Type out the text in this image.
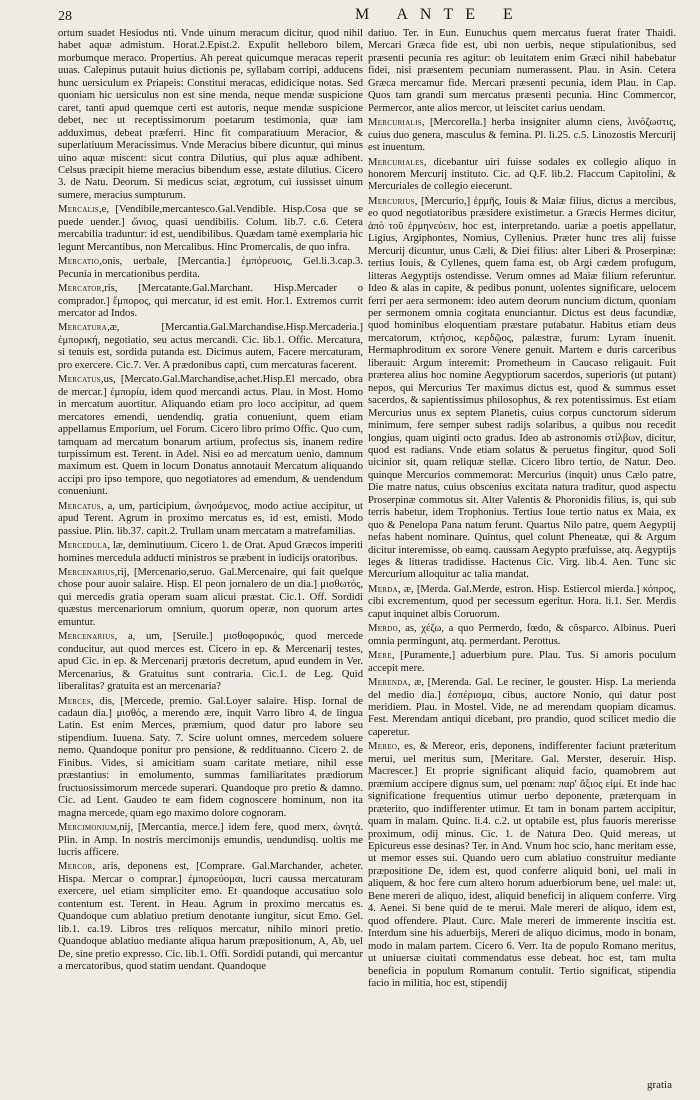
28	M ANTE E

ortum suadet Hesiodus nti. Vnde uinum meracum dicitur, quod nihil habet aquæ admistum. Horat.2.Epist.2. Expulit helleboro bilem, morbumque meraco. Propertius. Ah pereat quicumque meracas reperit uuas. Calepinus putauit huius dictionis pe, syllabam corripi, adducens hunc uersiculum ex Priapeis: Constitui meracas, edidicique notas. Sed quoniam hic uersiculus non est sine menda, neque mendæ suspicione caret, tanti apud quemque certi est autoris, neque mendæ suspicione debet, nec ut receptissimorum poetarum testimonia, quæ iam adduximus, debeat præferri. Hinc fit comparatiuum Meracior, & superlatiuum Meracissimus. Vnde Meracius bibere dicuntur, qui minus uino aquæ miscent: sicut contra Dilutius, qui plus aquæ adhibent. Celsus præcipit hieme meracius bibendum esse, æstate dilutius. Cicero 3. de Natu. Deorum. Si medicus sciat, ægrotum, cui iussisset uinum sumere, meracius sumpturum.

Mercalis,e, [Vendibile,mercantesco.Gal.Vendible. Hisp.Cosa que se puede uender.] ὤνιος, quasi uendibilis. Colum. lib.7. c.6. Cetera mercabilia traduntur: id est, uendibilibus. Quædam tamè exemplaria hic legunt Mercantibus, non Mercalibus. Hinc Promercalis, de quo infra.

Mercatio,onis, uerbale, [Mercantia.] ἐμπόρευσις, Gel.li.3.cap.3. Pecunia in mercationibus perdita.

Mercator,ris, [Mercatante.Gal.Marchant. Hisp.Mercader o comprador.] ἔμπορος, qui mercatur, id est emit. Hor.1. Extremos currit mercator ad Indos.

Mercatura,æ, [Mercantia.Gal.Marchandise.Hisp.Mercaderia.] ἐμπορική, negotiatio, seu actus mercandi. Cic. lib.1. Offic. Mercatura, si tenuis est, sordida putanda est. Dicimus autem, Facere mercaturam, pro exercere. Cic.7. Ver. A prædonibus capti, cum mercaturas facerent.

Mercatus,us, [Mercato.Gal.Marchandise,achet.Hisp.El mercado, obra de mercar.] ἐμπορία, idem quod mercandi actus. Plau. in Most. Homo in mercatum auortitur. Aliquando etiam pro loco accipitur, ad quem mercatores emendi, uendendiq. gratia conueniunt, quem etiam appellamus Emporium, uel Forum. Cicero libro primo Offic. Quo cum, tamquam ad mercatum bonarum artium, profectus sis, inanem redire turpissimum est. Terent. in Adel. Nisi eo ad mercatum uenio, damnum maximum est. Quem in locum Donatus annotauit Mercatum aliquando accipi pro ipso tempore, quo negotiatores ad emendum, & uendendum conueniunt.

Mercatus, a, um, participium, ὠνησάμενος, modo actiue accipitur, ut apud Terent. Agrum in proximo mercatus es, id est, emisti. Modo passiue. Plin. lib.37. capit.2. Trullam unam mercatam a matrefamilias.

Mercedula, læ, deminutiuum. Cicero 1. de Orat. Apud Græcos imperiti homines mercedula adducti ministros se præbent in iudicijs oratoribus.

Mercenarius,rij, [Mercenario,seruo. Gal.Mercenaire, qui fait quelque chose pour auoir salaire. Hisp. El peon jornalero de un dia.] μισθωτός, qui mercedis gratia operam suam alicui præstat. Cic.1. Off. Sordidi quæstus mercenariorum omnium, quorum operæ, non quorum artes emuntur.

Mercenarius, a, um, [Seruile.] μισθοφορικός, quod mercede conducitur, aut quod merces est. Cicero in ep. & Mercenarij testes, apud Cic. in ep. & Mercenarij prætoris decretum, apud eundem in Ver. Mercenarius, & Gratuitus sunt contraria. Cic.1. de Leg. Quid liberalitas? gratuita est an mercenaria?

Merces, dis, [Mercede, premio. Gal.Loyer salaire. Hisp. Iornal de cadaun dia.] μισθός, a merendo ære, inquit Varro libro 4. de lingua Latin. Est enim Merces, præmium, quod datur pro labore seu stipendium. Iuuena. Saty. 7. Scire uolunt omnes, mercedem soluere nemo. Quandoque ponitur pro pensione, & reddituanno. Cicero 2. de Finibus. Vides, si amicitiam suam caritate metiare, nihil esse præstantius: in emolumento, summas familiaritates prædiorum fructuosissimorum mercede superari. Quandoque pro pretio & damno. Cic. ad Lent. Gaudeo te eam fidem cognoscere hominum, non ita magna mercede, quam ego maximo dolore cognoram.

Mercimonium,nij, [Mercantia, merce.] idem fere, quod merx, ὠνητά. Plin. in Amp. In nostris mercimonijs emundis, uendundisq. uoltis me lucris afficere.

Mercor, aris, deponens est, [Comprare. Gal.Marchander, acheter. Hispa. Mercar o comprar.] ἐμπορεύομαι, lucri caussa mercaturam exercere, uel etiam simpliciter emo. Et quandoque accusatiuo solo contentum est. Terent. in Heau. Agrum in proximo mercatus es. Quandoque cum ablatiuo pretium denotante iungitur, sicut Emo. Gel. lib.1. ca.19. Libros tres reliquos mercatur, nihilo minori pretio. Quandoque ablatiuo mediante aliqua harum præpositionum, A, Ab, uel De, sine pretio expresso. Cic. lib.1. Offi. Sordidi putandi, qui mercantur a mercatoribus, quod statim uendant. Quandoque

datiuo. Ter. in Eun. Eunuchus quem mercatus fuerat frater Thaidi. Mercari Græca fide est, ubi non uerbis, neque stipulationibus, sed præsenti pecunia res agitur: ob leuitatem enim Græci nihil habebatur fidei, nisi præsentem pecuniam numerassent. Plau. in Asin. Cetera Græca mercamur fide. Mercari præsenti pecunia, idem Plau. in Cap. Quos tam grandi sum mercatus præsenti pecunia. Hinc Commercor, Permercor, ante alios mercor, ut leiscitet carius uendam.

Mercurialis, [Mercorella.] herba insigniter alumn ciens, λινόζωστις, cuius duo genera, masculus & femina. Pl. li.25. c.5. Linozostis Mercurij est inuentum.

Mercuriales, dicebantur uiri fuisse sodales ex collegio aliquo in honorem Mercurij instituto. Cic. ad Q.F. lib.2. Flaccum Capitolini, & Mercuriales de collegio eiecerunt.

Mercurius, [Mercurio,] ἑρμῆς, Iouis & Maiæ filius, dictus a mercibus, eo quod negotiatoribus præsidere existimetur. a Græcis Hermes dicitur, ἀπὸ τοῦ ἑρμηνεύειν, hoc est, interpretando. uariæ a poetis appellatur, Ligius, Argiphontes, Nomius, Cyllenius. Præter hunc tres alij fuisse Mercurij dicuntur, unus Cæli, & Diei filius: alter Liberi & Proserpinæ: tertius Iouis, & Cyllenes, quem fama est, ob Argi cædem profugum, litteras Aegyptijs ostendisse. Verum omnes ad Maiæ filium referuntur. Ideo & alas in capite, & pedibus ponunt, uolentes significare, uelocem ferri per aera sermonem: ideo autem deorum nuncium dictum, quoniam per sermonem omnia cogitata enunciantur. Dictus est deus facundiæ, quod hominibus eloquentiam præstare putabatur. Habitus etiam deus mercatorum, κτήσιος, κερδῷος, palæstræ, furum: Lyram inuenit. Hermaphroditum ex sorore Venere genuit. Martem e duris carceribus liberauit: Argum interemit: Prometheum in Caucaso religauit. Fuit præterea alius hoc nomine Aegyptiorum sacerdos, superioris (ut putant) nepos, qui Mercurius Ter maximus dictus est, quod & summus esset sacerdos, & sapientissimus philosophus, & rex potentissimus. Est etiam Mercurius unus ex septem Planetis, cuius corpus cunctorum siderum minimum, fere semper subest radijs solaribus, a quibus nou recedit longius, quam uiginti octo gradus. Ideo ab astronomis στίλβων, dicitur, quod est radians. Vnde etiam solatus & peruetus fingitur, quod Soli uicinior sit, quam reliquæ stellæ. Cicero libro tertio, de Natur. Deo. quinque Mercurios commemorat: Mercurius (inquit) unus Cælo patre, Die matre natus, cuius obscenius excitata natura traditur, quod aspectu Proserpinæ commotus sit. Alter Valentis & Phoronidis filius, is, qui sub terris habetur, idem Trophonius. Tertius Ioue tertio natus ex Maia, ex quo & Penelopa Pana natum ferunt. Quartus Nilo patre, quem Aegyptij nefas habent nominare. Quintus, quel colunt Pheneatæ, qui & Argum dicitur interemisse, ob eamq. caussam Aegypto præfuisse, atq. Aegyptijs leges & litteras tradidisse. Hactenus Cic. Virg. lib.4. Aen. Tunc sic Mercurium alloquitur ac talia mandat.

Merda, æ, [Merda. Gal.Merde, estron. Hisp. Estiercol mierda.] κόπρος, cibi excrementum, quod per secessum egeritur. Hora. li.1. Ser. Merdis caput inquinet albis Coruorum.

Merdo, as, χέζω, a quo Permerdo, fœdo, & cõsparco. Albinus. Pueri omnia permingunt, atq. permerdant. Perottus.

Mere, [Puramente,] aduerbium pure. Plau. Tus. Si amoris poculum accepit mere.

Merenda, æ, [Merenda. Gal. Le reciner, le gouster. Hisp. La merienda del medio dia.] ἑσπέρισμα, cibus, auctore Nonio, qui datur post meridiem. Plau. in Mostel. Vide, ne ad merendam quopiam dicamus. Fest. Merendam antiqui dicebant, pro prandio, quod scilicet medio die caperetur.

Mereo, es, & Mereor, eris, deponens, indifferenter faciunt præteritum merui, uel meritus sum, [Meritare. Gal. Merster, deseruir. Hisp. Macrescer.] Et proprie significant aliquid facio, quamobrem aut præmium accipere dignus sum, uel pœnam: παρ' ἄξιος εἰμί. Et inde hac significatione frequentius utimur uerbo deponente, præterquam in præterito, quo indifferenter utimur. Et tam in bonam partem accipitur, quam in malam. Quinc. li.4. c.2. ut optabile est, plus fauoris mererisse proximum, odij minus. Cic. 1. de Natura Deo. Quid mereas, ut Epicureus esse desinas? Ter. in And. Vnum hoc scio, hanc meritam esse, ut memor esses sui. Quando uero cum ablatiuo construitur mediante præpositione De, idem est, quod conferre aliquid boni, uel mali in aliquem, & hoc fere cum altero horum aduerbiorum bene, uel male: ut, Bene mereri de aliquo, idest, aliquid beneficij in aliquem conferre. Virg 4. Aenei. Si bene quid de te merui. Male mereri de aliquo, idem est, quod offendere. Plaut. Curc. Male mereri de immerente inscitia est. Interdum sine his aduerbijs, Mereri de aliquo dicimus, modo in bonam, modo in malam partem. Cicero 6. Verr. Ita de populo Romano meritus, ut uniuersæ ciuitati commendatus esse debeat. hoc est, tam multa beneficia in populum Romanum contulit. Tertio significat, stipendia facio in militia, hoc est, stipendij

gratia
